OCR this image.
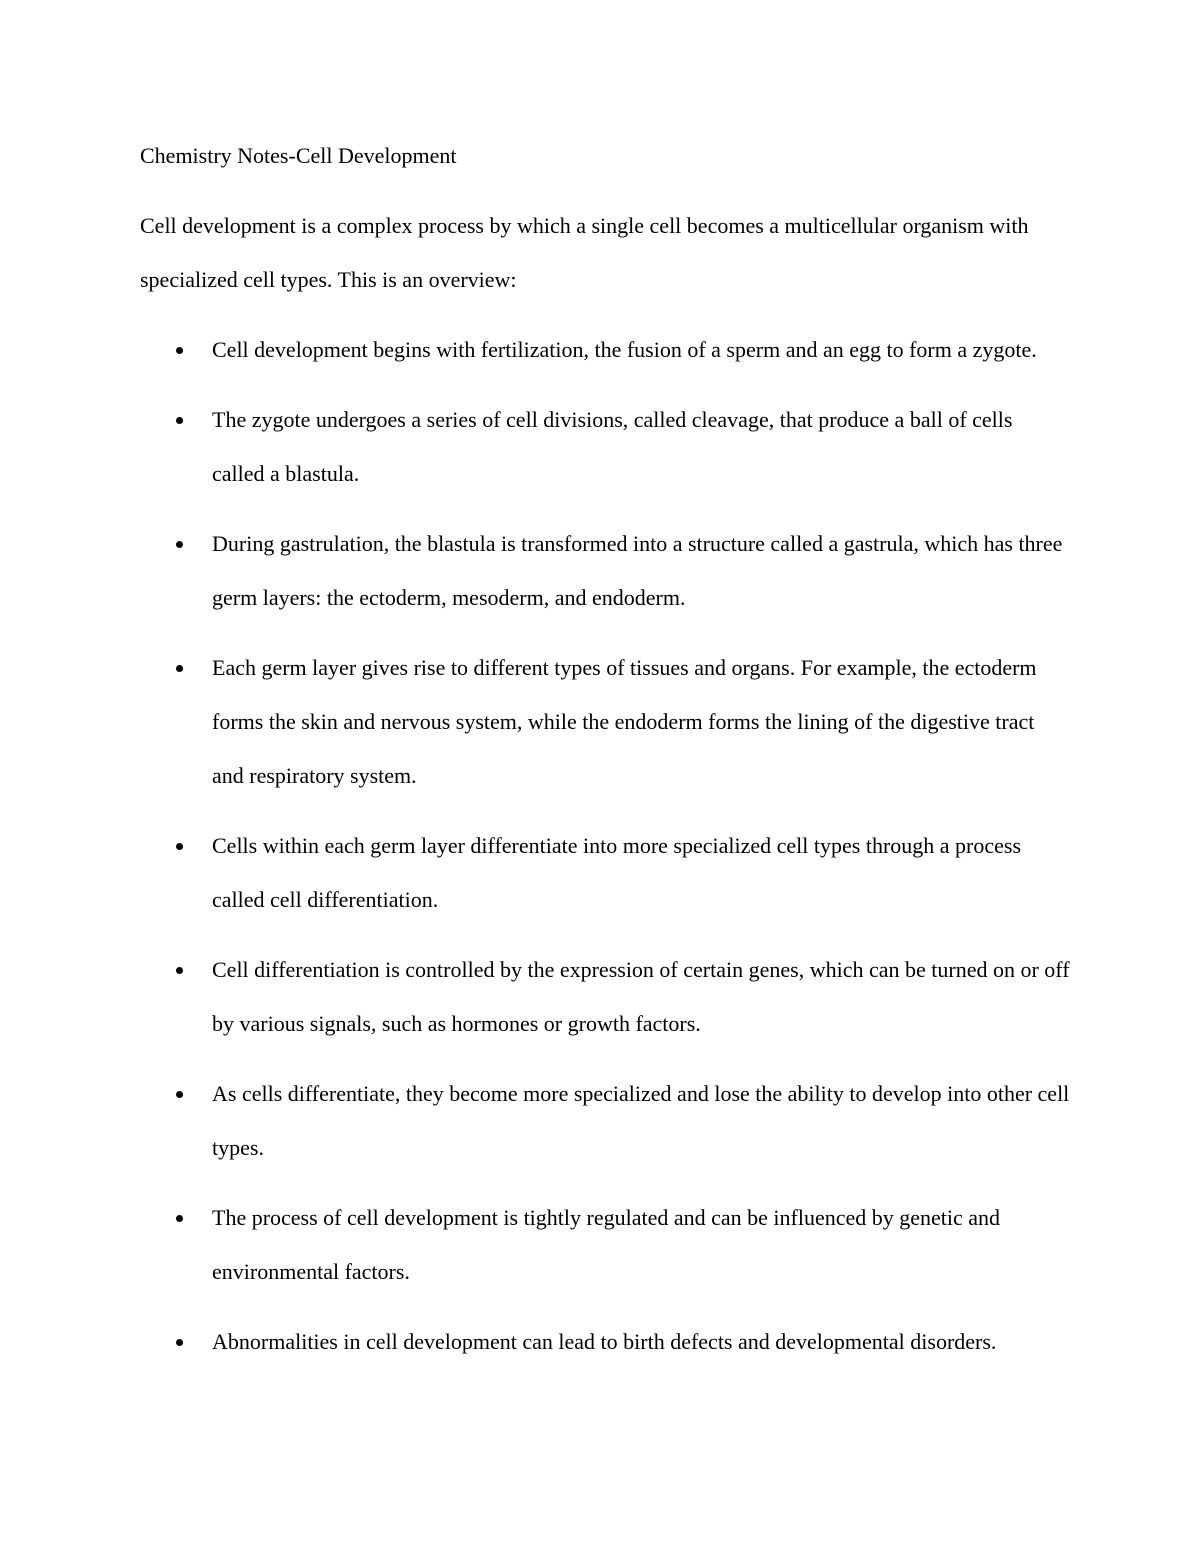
Chemistry Notes-Cell Development

Cell development is a complex process by which a single cell becomes a multicellular organism with specialized cell types. This is an overview:

Cell development begins with fertilization, the fusion of a sperm and an egg to form a zygote.
The zygote undergoes a series of cell divisions, called cleavage, that produce a ball of cells called a blastula.
During gastrulation, the blastula is transformed into a structure called a gastrula, which has three germ layers: the ectoderm, mesoderm, and endoderm.
Each germ layer gives rise to different types of tissues and organs. For example, the ectoderm forms the skin and nervous system, while the endoderm forms the lining of the digestive tract and respiratory system.
Cells within each germ layer differentiate into more specialized cell types through a process called cell differentiation.
Cell differentiation is controlled by the expression of certain genes, which can be turned on or off by various signals, such as hormones or growth factors.
As cells differentiate, they become more specialized and lose the ability to develop into other cell types.
The process of cell development is tightly regulated and can be influenced by genetic and environmental factors.
Abnormalities in cell development can lead to birth defects and developmental disorders.
